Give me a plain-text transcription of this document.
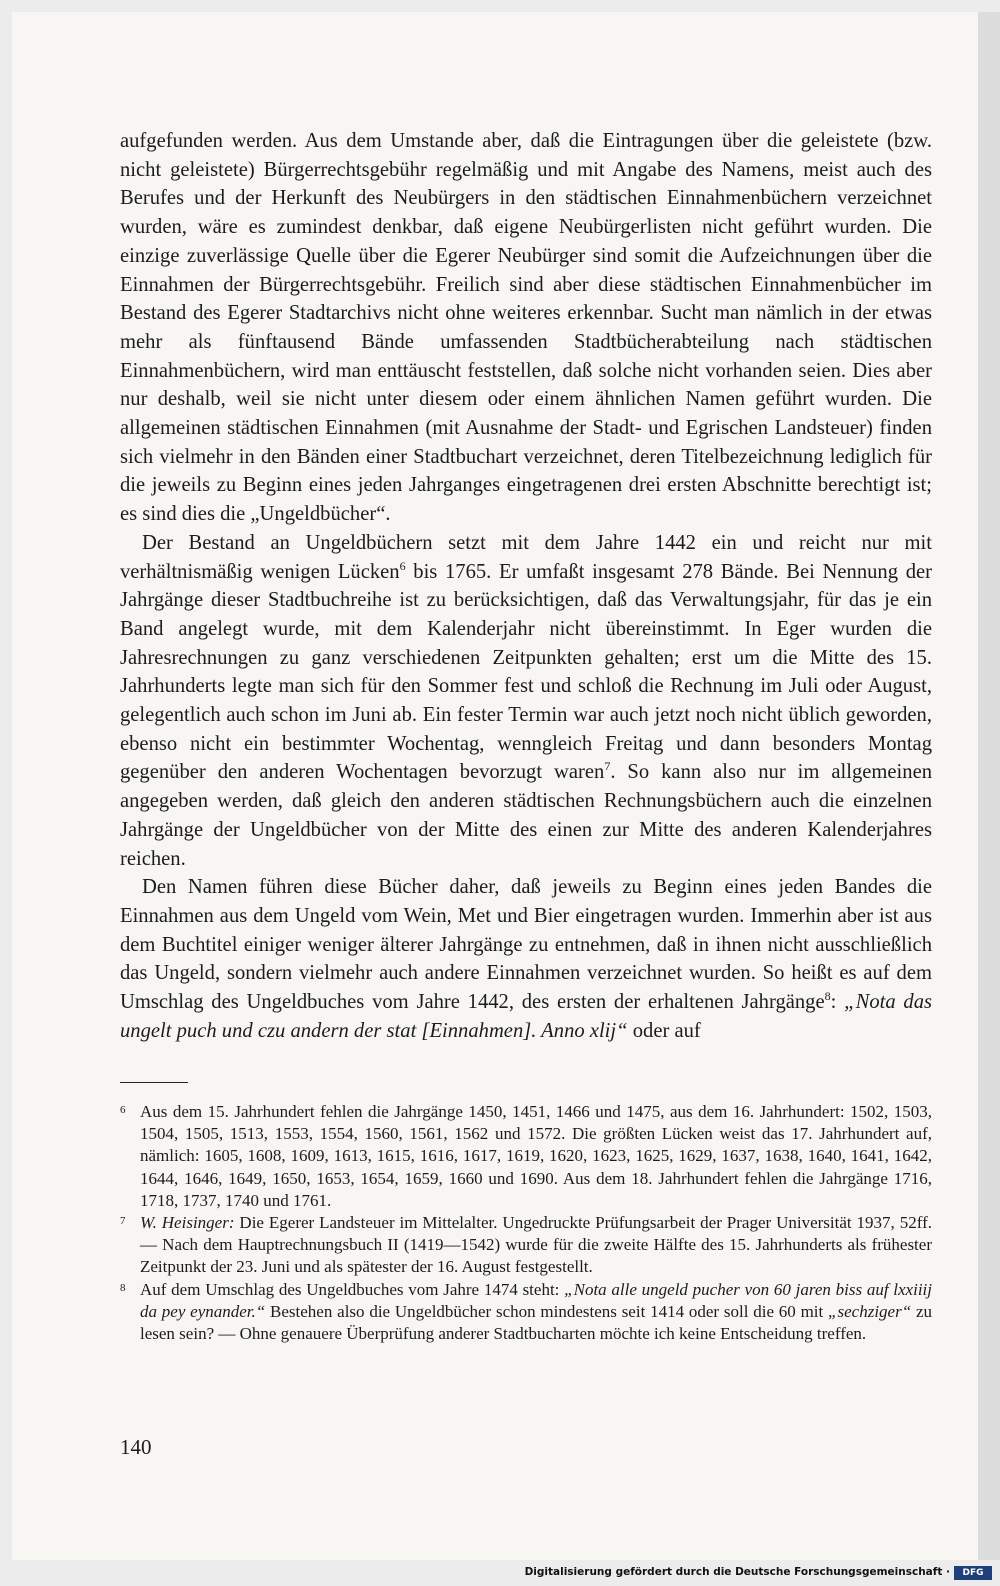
aufgefunden werden. Aus dem Umstande aber, daß die Eintragungen über die geleistete (bzw. nicht geleistete) Bürgerrechtsgebühr regelmäßig und mit Angabe des Namens, meist auch des Berufes und der Herkunft des Neubürgers in den städtischen Einnahmenbüchern verzeichnet wurden, wäre es zumindest denkbar, daß eigene Neubürgerlisten nicht geführt wurden. Die einzige zuverlässige Quelle über die Egerer Neubürger sind somit die Aufzeichnungen über die Einnahmen der Bürgerrechtsgebühr. Freilich sind aber diese städtischen Einnahmenbücher im Bestand des Egerer Stadtarchivs nicht ohne weiteres erkennbar. Sucht man nämlich in der etwas mehr als fünftausend Bände umfassenden Stadtbücherabteilung nach städtischen Einnahmenbüchern, wird man enttäuscht feststellen, daß solche nicht vorhanden seien. Dies aber nur deshalb, weil sie nicht unter diesem oder einem ähnlichen Namen geführt wurden. Die allgemeinen städtischen Einnahmen (mit Ausnahme der Stadt- und Egrischen Landsteuer) finden sich vielmehr in den Bänden einer Stadtbuchart verzeichnet, deren Titelbezeichnung lediglich für die jeweils zu Beginn eines jeden Jahrganges eingetragenen drei ersten Abschnitte berechtigt ist; es sind dies die „Ungeldbücher“.

Der Bestand an Ungeldbüchern setzt mit dem Jahre 1442 ein und reicht nur mit verhältnismäßig wenigen Lücken$^6$ bis 1765. Er umfaßt insgesamt 278 Bände. Bei Nennung der Jahrgänge dieser Stadtbuchreihe ist zu berücksichtigen, daß das Verwaltungsjahr, für das je ein Band angelegt wurde, mit dem Kalenderjahr nicht übereinstimmt. In Eger wurden die Jahresrechnungen zu ganz verschiedenen Zeitpunkten gehalten; erst um die Mitte des 15. Jahrhunderts legte man sich für den Sommer fest und schloß die Rechnung im Juli oder August, gelegentlich auch schon im Juni ab. Ein fester Termin war auch jetzt noch nicht üblich geworden, ebenso nicht ein bestimmter Wochentag, wenngleich Freitag und dann besonders Montag gegenüber den anderen Wochentagen bevorzugt waren$^7$. So kann also nur im allgemeinen angegeben werden, daß gleich den anderen städtischen Rechnungsbüchern auch die einzelnen Jahrgänge der Ungeldbücher von der Mitte des einen zur Mitte des anderen Kalenderjahres reichen.

Den Namen führen diese Bücher daher, daß jeweils zu Beginn eines jeden Bandes die Einnahmen aus dem Ungeld vom Wein, Met und Bier eingetragen wurden. Immerhin aber ist aus dem Buchtitel einiger weniger älterer Jahrgänge zu entnehmen, daß in ihnen nicht ausschließlich das Ungeld, sondern vielmehr auch andere Einnahmen verzeichnet wurden. So heißt es auf dem Umschlag des Ungeldbuches vom Jahre 1442, des ersten der erhaltenen Jahrgänge$^8$: „Nota das ungelt puch und czu andern der stat [Einnahmen]. Anno xlij“ oder auf

6 Aus dem 15. Jahrhundert fehlen die Jahrgänge 1450, 1451, 1466 und 1475, aus dem 16. Jahrhundert: 1502, 1503, 1504, 1505, 1513, 1553, 1554, 1560, 1561, 1562 und 1572. Die größten Lücken weist das 17. Jahrhundert auf, nämlich: 1605, 1608, 1609, 1613, 1615, 1616, 1617, 1619, 1620, 1623, 1625, 1629, 1637, 1638, 1640, 1641, 1642, 1644, 1646, 1649, 1650, 1653, 1654, 1659, 1660 und 1690. Aus dem 18. Jahrhundert fehlen die Jahrgänge 1716, 1718, 1737, 1740 und 1761.
7 W. Heisinger: Die Egerer Landsteuer im Mittelalter. Ungedruckte Prüfungsarbeit der Prager Universität 1937, 52ff. — Nach dem Hauptrechnungsbuch II (1419—1542) wurde für die zweite Hälfte des 15. Jahrhunderts als frühester Zeitpunkt der 23. Juni und als spätester der 16. August festgestellt.
8 Auf dem Umschlag des Ungeldbuches vom Jahre 1474 steht: „Nota alle ungeld pucher von 60 jaren biss auf lxxiiij da pey eynander.“ Bestehen also die Ungeldbücher schon mindestens seit 1414 oder soll die 60 mit „sechziger“ zu lesen sein? — Ohne genauere Überprüfung anderer Stadtbucharten möchte ich keine Entscheidung treffen.
140
Digitalisierung gefördert durch die Deutsche Forschungsgemeinschaft ·	DFG
